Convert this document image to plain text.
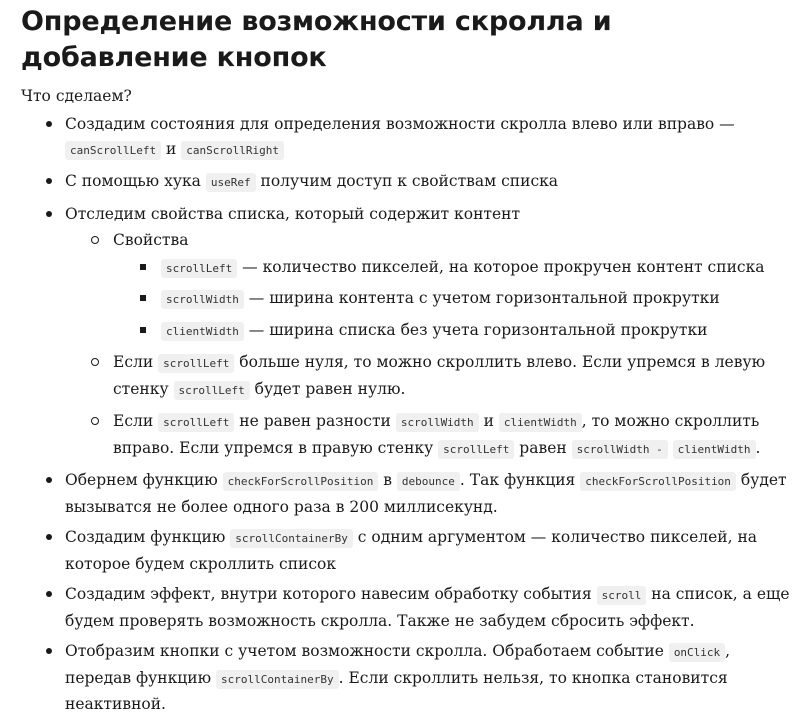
Определение возможности скролла и добавление кнопок

Что сделаем?

Создадим состояния для определения возможности скролла влево или вправо — canScrollLeft и canScrollRight
С помощью хука useRef получим доступ к свойствам списка
Отследим свойства списка, который содержит контент
Свойства
scrollLeft — количество пикселей, на которое прокручен контент списка
scrollWidth — ширина контента с учетом горизонтальной прокрутки
clientWidth — ширина списка без учета горизонтальной прокрутки
Если scrollLeft больше нуля, то можно скроллить влево. Если упремся в левую стенку scrollLeft будет равен нулю.
Если scrollLeft не равен разности scrollWidth и clientWidth , то можно скроллить вправо. Если упремся в правую стенку scrollLeft равен scrollWidth - clientWidth .
Обернем функцию checkForScrollPosition в debounce . Так функция checkForScrollPosition будет вызыватся не более одного раза в 200 миллисекунд.
Создадим функцию scrollContainerBy с одним аргументом — количество пикселей, на которое будем скроллить список
Создадим эффект, внутри которого навесим обработку события scroll на список, а еще будем проверять возможность скролла. Также не забудем сбросить эффект.
Отобразим кнопки с учетом возможности скролла. Обработаем событие onClick , передав функцию scrollContainerBy . Если скроллить нельзя, то кнопка становится неактивной.
